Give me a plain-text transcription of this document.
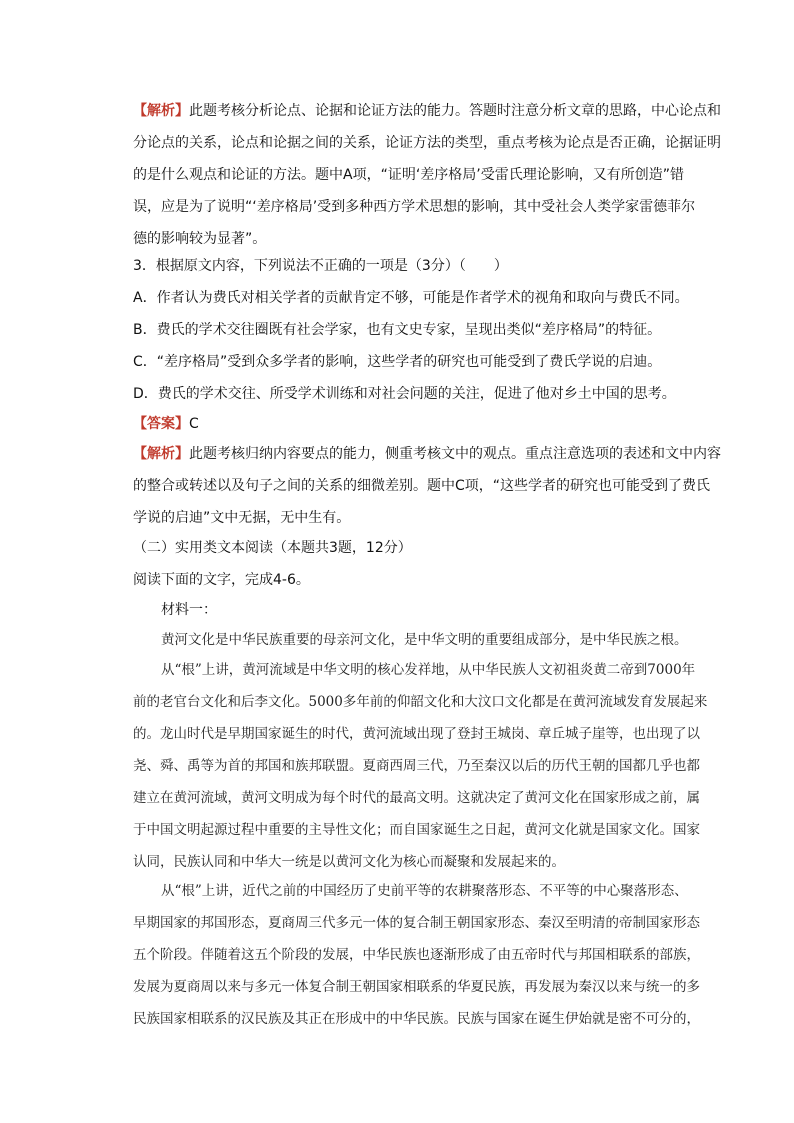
【解析】此题考核分析论点、论据和论证方法的能力。答题时注意分析文章的思路，中心论点和
分论点的关系，论点和论据之间的关系，论证方法的类型，重点考核为论点是否正确，论据证明
的是什么观点和论证的方法。题中A项，“证明‘差序格局’受雷氏理论影响，又有所创造”错
误，应是为了说明“‘差序格局’受到多种西方学术思想的影响，其中受社会人类学家雷德菲尔
德的影响较为显著”。
3．根据原文内容，下列说法不正确的一项是（3分）（　　）
A．作者认为费氏对相关学者的贡献肯定不够，可能是作者学术的视角和取向与费氏不同。
B．费氏的学术交往圈既有社会学家，也有文史专家，呈现出类似“差序格局”的特征。
C．“差序格局”受到众多学者的影响，这些学者的研究也可能受到了费氏学说的启迪。
D．费氏的学术交往、所受学术训练和对社会问题的关注，促进了他对乡土中国的思考。
【答案】C
【解析】此题考核归纳内容要点的能力，侧重考核文中的观点。重点注意选项的表述和文中内容
的整合或转述以及句子之间的关系的细微差别。题中C项，“这些学者的研究也可能受到了费氏
学说的启迪”文中无据，无中生有。
（二）实用类文本阅读（本题共3题，12分）
阅读下面的文字，完成4-6。
材料一：
黄河文化是中华民族重要的母亲河文化，是中华文明的重要组成部分，是中华民族之根。
从“根”上讲，黄河流域是中华文明的核心发祥地，从中华民族人文初祖炎黄二帝到7000年
前的老官台文化和后李文化。5000多年前的仰韶文化和大汶口文化都是在黄河流域发育发展起来
的。龙山时代是早期国家诞生的时代，黄河流域出现了登封王城岗、章丘城子崖等，也出现了以
尧、舜、禹等为首的邦国和族邦联盟。夏商西周三代，乃至秦汉以后的历代王朝的国都几乎也都
建立在黄河流域，黄河文明成为每个时代的最高文明。这就决定了黄河文化在国家形成之前，属
于中国文明起源过程中重要的主导性文化；而自国家诞生之日起，黄河文化就是国家文化。国家
认同，民族认同和中华大一统是以黄河文化为核心而凝聚和发展起来的。
从“根”上讲，近代之前的中国经历了史前平等的农耕聚落形态、不平等的中心聚落形态、
早期国家的邦国形态，夏商周三代多元一体的复合制王朝国家形态、秦汉至明清的帝制国家形态
五个阶段。伴随着这五个阶段的发展，中华民族也逐渐形成了由五帝时代与邦国相联系的部族，
发展为夏商周以来与多元一体复合制王朝国家相联系的华夏民族，再发展为秦汉以来与统一的多
民族国家相联系的汉民族及其正在形成中的中华民族。民族与国家在诞生伊始就是密不可分的，
